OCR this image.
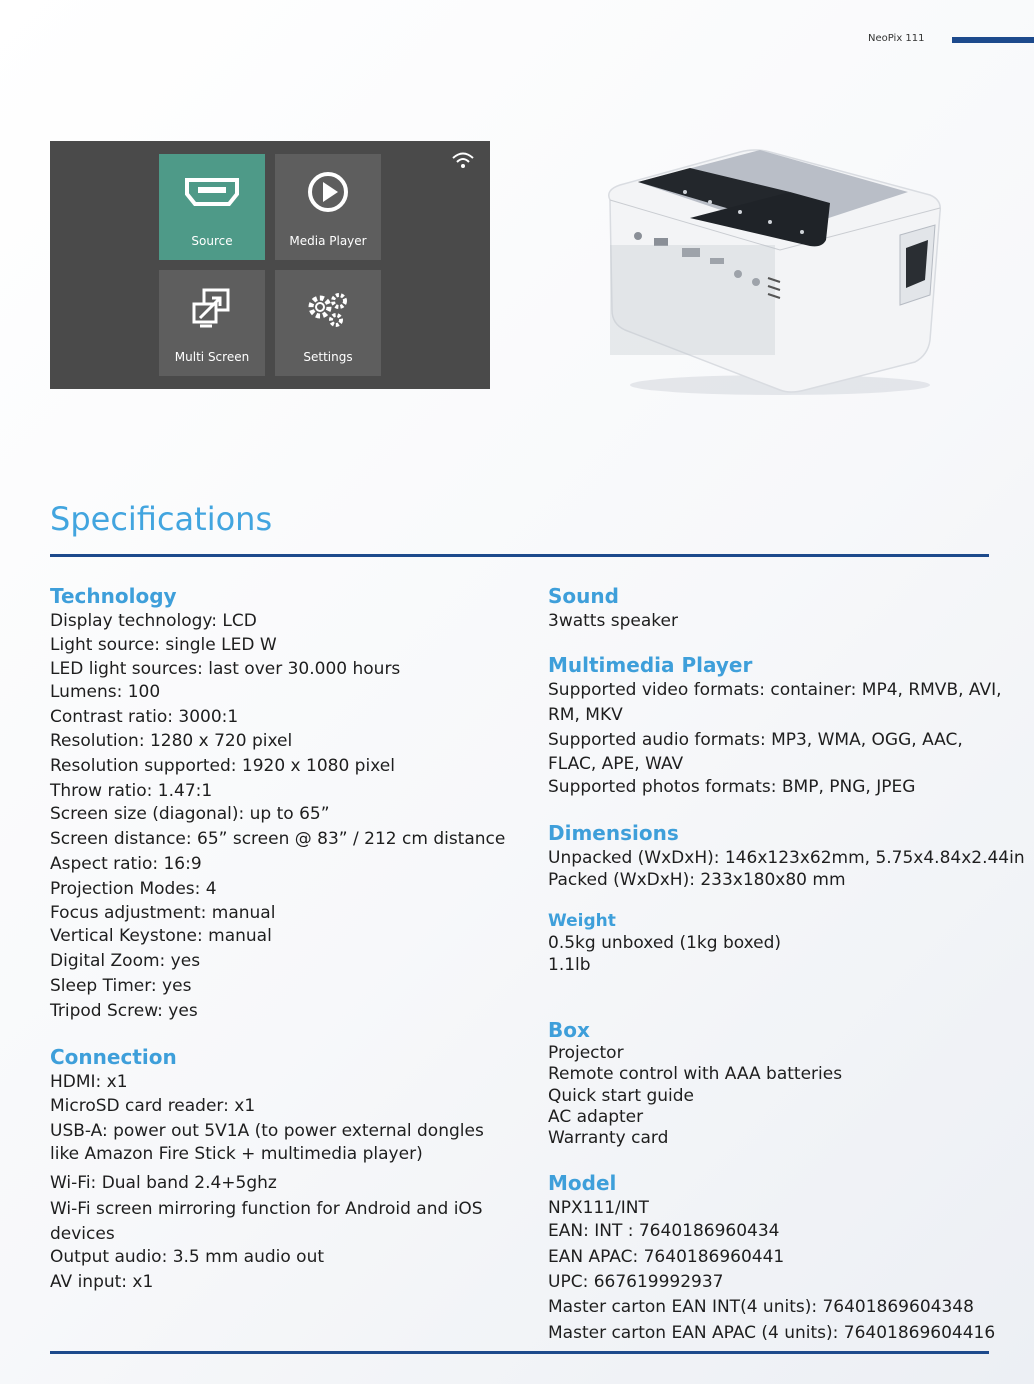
NeoPix 111
Source	Media Player
Multi Screen	Settings
Specifications
Technology

Display technology: LCD

Light source: single LED W

LED light sources: last over 30.000 hours

Lumens: 100

Contrast ratio: 3000:1

Resolution: 1280 x 720 pixel

Resolution supported: 1920 x 1080 pixel

Throw ratio: 1.47:1

Screen size (diagonal): up to 65”

Screen distance: 65” screen @ 83” / 212 cm distance

Aspect ratio: 16:9

Projection Modes: 4

Focus adjustment: manual

Vertical Keystone: manual

Digital Zoom: yes

Sleep Timer: yes

Tripod Screw: yes

Connection

HDMI: x1

MicroSD card reader: x1

USB-A: power out 5V1A (to power external dongles

like Amazon Fire Stick + multimedia player)

Wi-Fi: Dual band 2.4+5ghz

Wi-Fi screen mirroring function for Android and iOS

devices

Output audio: 3.5 mm audio out

AV input: x1

Sound

3watts speaker

Multimedia Player

Supported video formats: container: MP4, RMVB, AVI,

RM, MKV

Supported audio formats: MP3, WMA, OGG, AAC,

FLAC, APE, WAV

Supported photos formats: BMP, PNG, JPEG

Dimensions

Unpacked (WxDxH): 146x123x62mm, 5.75x4.84x2.44in

Packed (WxDxH): 233x180x80 mm

Weight

0.5kg unboxed (1kg boxed)

1.1lb

Box

Projector

Remote control with AAA batteries

Quick start guide

AC adapter

Warranty card

Model

NPX111/INT

EAN: INT : 7640186960434

EAN APAC: 7640186960441

UPC: 667619992937

Master carton EAN INT(4 units): 76401869604348

Master carton EAN APAC (4 units): 76401869604416
